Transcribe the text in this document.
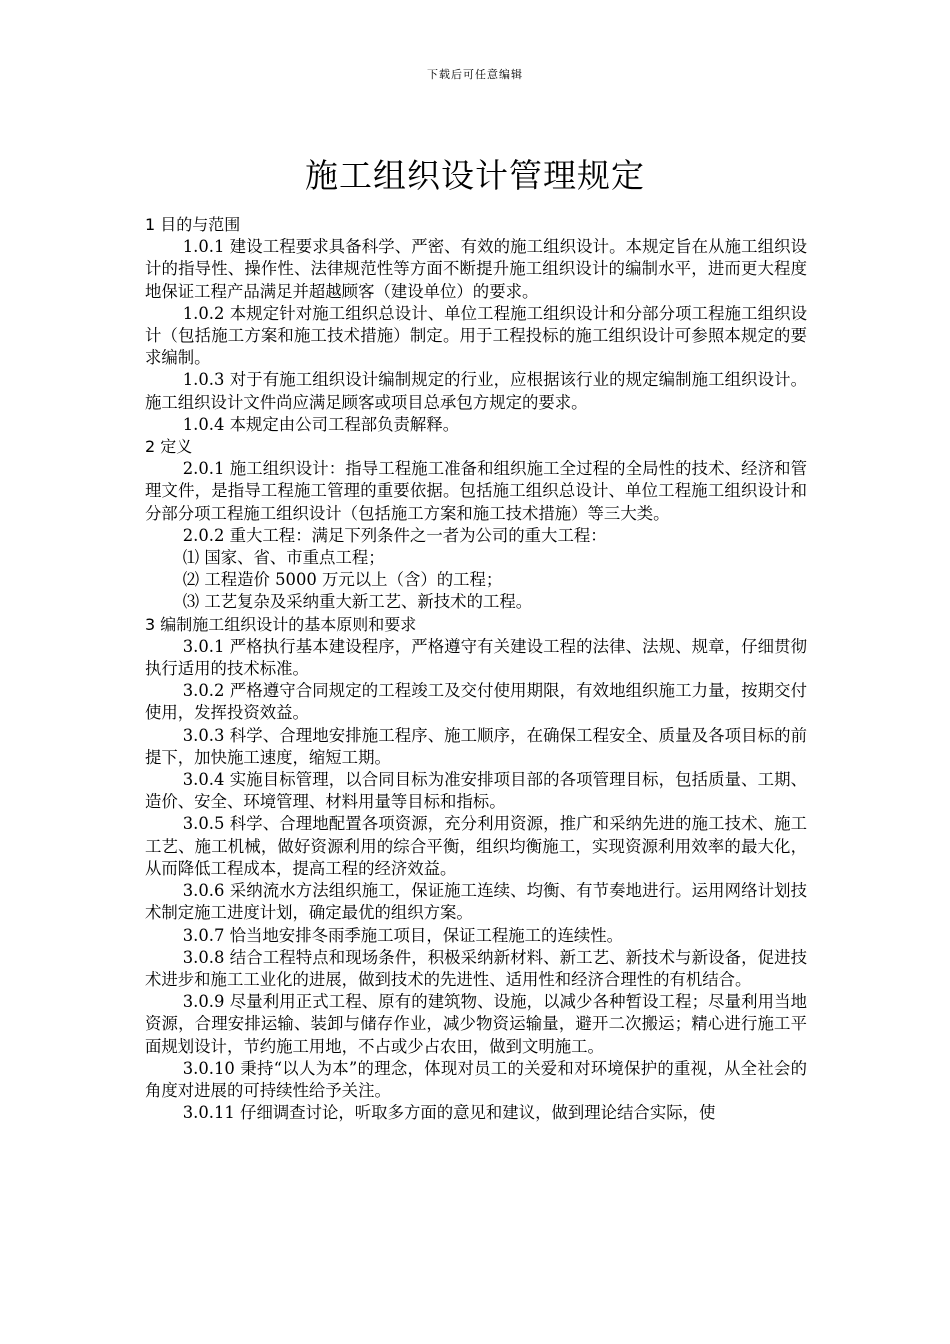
下载后可任意编辑
施工组织设计管理规定

1 目的与范围

1.0.1 建设工程要求具备科学、严密、有效的施工组织设计。本规定旨在从施工组织设计的指导性、操作性、法律规范性等方面不断提升施工组织设计的编制水平，进而更大程度地保证工程产品满足并超越顾客（建设单位）的要求。

1.0.2 本规定针对施工组织总设计、单位工程施工组织设计和分部分项工程施工组织设计（包括施工方案和施工技术措施）制定。用于工程投标的施工组织设计可参照本规定的要求编制。

1.0.3 对于有施工组织设计编制规定的行业，应根据该行业的规定编制施工组织设计。施工组织设计文件尚应满足顾客或项目总承包方规定的要求。

1.0.4 本规定由公司工程部负责解释。

2 定义

2.0.1 施工组织设计：指导工程施工准备和组织施工全过程的全局性的技术、经济和管理文件，是指导工程施工管理的重要依据。包括施工组织总设计、单位工程施工组织设计和分部分项工程施工组织设计（包括施工方案和施工技术措施）等三大类。

2.0.2 重大工程：满足下列条件之一者为公司的重大工程：

⑴ 国家、省、市重点工程；

⑵ 工程造价 5000 万元以上（含）的工程；

⑶ 工艺复杂及采纳重大新工艺、新技术的工程。

3 编制施工组织设计的基本原则和要求

3.0.1 严格执行基本建设程序，严格遵守有关建设工程的法律、法规、规章，仔细贯彻执行适用的技术标准。

3.0.2 严格遵守合同规定的工程竣工及交付使用期限，有效地组织施工力量，按期交付使用，发挥投资效益。

3.0.3 科学、合理地安排施工程序、施工顺序，在确保工程安全、质量及各项目标的前提下，加快施工速度，缩短工期。

3.0.4 实施目标管理，以合同目标为准安排项目部的各项管理目标，包括质量、工期、造价、安全、环境管理、材料用量等目标和指标。

3.0.5 科学、合理地配置各项资源，充分利用资源，推广和采纳先进的施工技术、施工工艺、施工机械，做好资源利用的综合平衡，组织均衡施工，实现资源利用效率的最大化，从而降低工程成本，提高工程的经济效益。

3.0.6 采纳流水方法组织施工，保证施工连续、均衡、有节奏地进行。运用网络计划技术制定施工进度计划，确定最优的组织方案。

3.0.7 恰当地安排冬雨季施工项目，保证工程施工的连续性。

3.0.8 结合工程特点和现场条件，积极采纳新材料、新工艺、新技术与新设备，促进技术进步和施工工业化的进展，做到技术的先进性、适用性和经济合理性的有机结合。

3.0.9 尽量利用正式工程、原有的建筑物、设施，以减少各种暂设工程；尽量利用当地资源，合理安排运输、装卸与储存作业，减少物资运输量，避开二次搬运；精心进行施工平面规划设计，节约施工用地，不占或少占农田，做到文明施工。

3.0.10 秉持“以人为本”的理念，体现对员工的关爱和对环境保护的重视，从全社会的角度对进展的可持续性给予关注。

3.0.11 仔细调查讨论，听取多方面的意见和建议，做到理论结合实际，使
